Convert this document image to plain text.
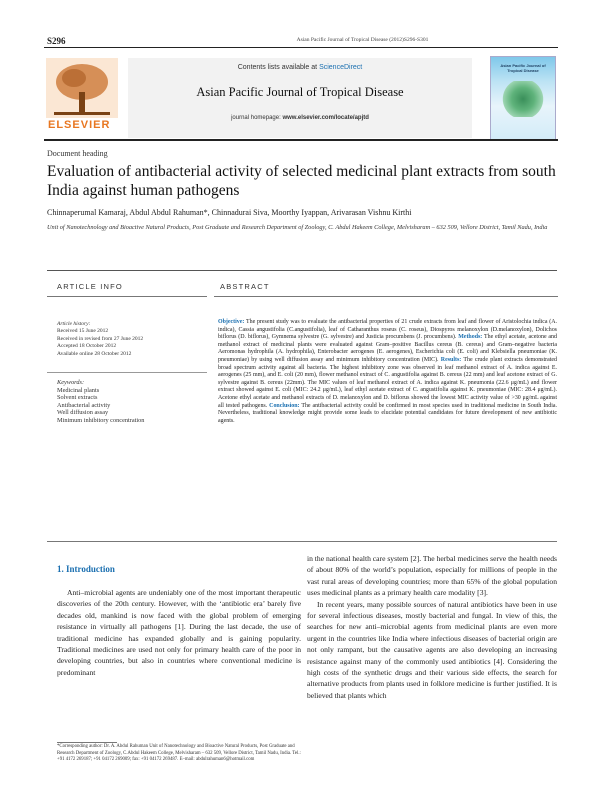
S296	Asian Pacific Journal of Tropical Disease (2012)S296-S301
ELSEVIER
Contents lists available at ScienceDirect
Asian Pacific Journal of Tropical Disease
journal homepage: www.elsevier.com/locate/apjtd
Asian Pacific Journal of Tropical Disease
Document heading
Evaluation of antibacterial activity of selected medicinal plant extracts from south India against human pathogens
Chinnaperumal Kamaraj, Abdul Abdul Rahuman*, Chinnadurai Siva, Moorthy Iyappan, Arivarasan Vishnu Kirthi
Unit of Nanotechnology and Bioactive Natural Products, Post Graduate and Research Department of Zoology, C. Abdul Hakeem College, Melvisharam – 632 509, Vellore District, Tamil Nadu, India
ARTICLE INFO	ABSTRACT
Article history:
Received 15 June 2012
Received in revised from 27 June 2012
Accepted 18 October 2012
Available online 28 October 2012
Keywords:
Medicinal plants
Solvent extracts
Antibacterial activity
Well diffusion assay
Minimum inhibitory concentration
Objective: The present study was to evaluate the antibacterial properties of 21 crude extracts from leaf and flower of Aristolochia indica (A. indica), Cassia angustifolia (C.angustifolia), leaf of Catharanthus roseus (C. roseus), Diospyros melanoxylon (D.melanoxylon), Dolichos biflorus (D. biflorus), Gymnema sylvestre (G. sylvestre) and Justicia procumbens (J. procumbens). Methods: The ethyl acetate, acetone and methanol extract of medicinal plants were evaluated against Gram–positive Bacillus cereus (B. cereus) and Gram–negative bacteria Aeromonas hydrophila (A. hydrophila), Enterobacter aerogenes (E. aerogenes), Escherichia coli (E. coli) and Klebsiella pneumoniae (K. pneumoniae) by using well diffusion assay and minimum inhibitory concentration (MIC). Results: The crude plant extracts demonstrated broad spectrum activity against all bacteria. The highest inhibitory zone was observed in leaf methanol extract of A. indica against E. aerogenes (25 mm), and E. coli (20 mm), flower methanol extract of C. angustifolia against B. cereus (22 mm) and leaf acetone extract of G. sylvestre against B. cereus (22mm). The MIC values of leaf methanol extract of A. indica against K. pneumonia (22.6 μg/mL) and flower extract showed against E. coli (MIC: 24.2 μg/mL), leaf ethyl acetate extract of C. angustifolia against K. pneumoniae (MIC: 28.4 μg/mL). Acetone ethyl acetate and methanol extracts of D. melanoxylon and D. biflorus showed the lowest MIC activity value of >30 μg/mL against all tested pathogens. Conclusion: The antibacterial activity could be confirmed in most species used in traditional medicine in South India. Nevertheless, traditional knowledge might provide some leads to elucidate potential candidates for future development of new antibiotic agents.
1. Introduction

Anti–microbial agents are undeniably one of the most important therapeutic discoveries of the 20th century. However, with the ‘antibiotic era’ barely five decades old, mankind is now faced with the global problem of emerging resistance in virtually all pathogens [1]. During the last decade, the use of traditional medicine has expanded globally and is gaining popularity. Traditional medicines are used not only for primary health care of the poor in developing countries, but also in countries where conventional medicine is predominant

in the national health care system [2]. The herbal medicines serve the health needs of about 80% of the world’s population, especially for millions of people in the vast rural areas of developing countries; more than 65% of the global population uses medicinal plants as a primary health care modality [3].

In recent years, many possible sources of natural antibiotics have been in use for several infectious diseases, mostly bacterial and fungal. In view of this, the searches for new anti–microbial agents from medicinal plants are even more urgent in the countries like India where infectious diseases of bacterial origin are not only rampant, but the causative agents are also developing an increasing resistance against many of the commonly used antibiotics [4]. Considering the high costs of the synthetic drugs and their various side effects, the search for alternative products from plants used in folklore medicine is further justified. It is believed that plants which

*Corresponding author: Dr. A. Abdul Rahuman Unit of Nanotechnology and Bioactive Natural Products, Post Graduate and Research Department of Zoology, C.Abdul Hakeem College, Melvisharam – 632 509, Vellore District, Tamil Nadu, India. Tel.: +91 4172 269187; +91 04172 269009; fax: +91 04172 269487. E–mail: abdulrahuman6@hotmail.com
